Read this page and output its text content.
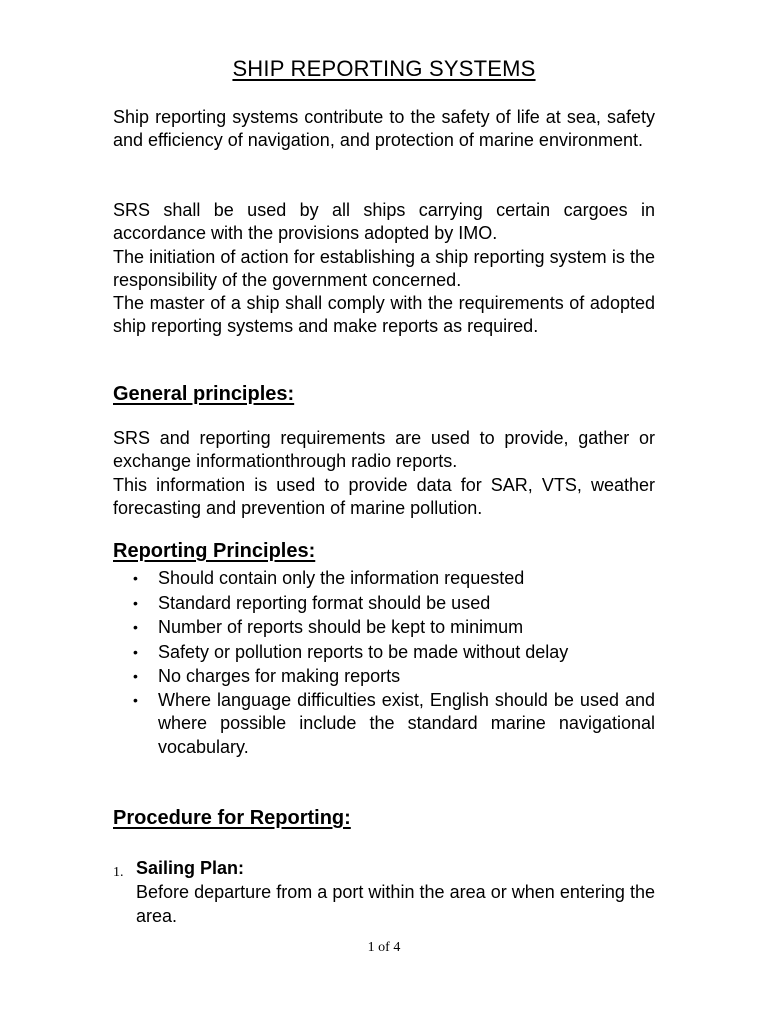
SHIP REPORTING SYSTEMS

Ship reporting systems contribute to the safety of life at sea, safety and efficiency of navigation, and protection of marine environment.

SRS shall be used by all ships carrying certain cargoes in accordance with the provisions adopted by IMO.
The initiation of action for establishing a ship reporting system is the responsibility of the government concerned.
The master of a ship shall comply with the requirements of adopted ship reporting systems and make reports as required.
General principles:
SRS and reporting requirements are used to provide, gather or exchange informationthrough radio reports.
This information is used to provide data for SAR, VTS, weather forecasting and prevention of marine pollution.
Reporting Principles:
• Should contain only the information requested
• Standard reporting format should be used
• Number of reports should be kept to minimum
• Safety or pollution reports to be made without delay
• No charges for making reports
• Where language difficulties exist, English should be used and where possible include the standard marine navigational vocabulary.
Procedure for Reporting:
1. Sailing Plan:

Before departure from a port within the area or when entering the area.

1 of 4
